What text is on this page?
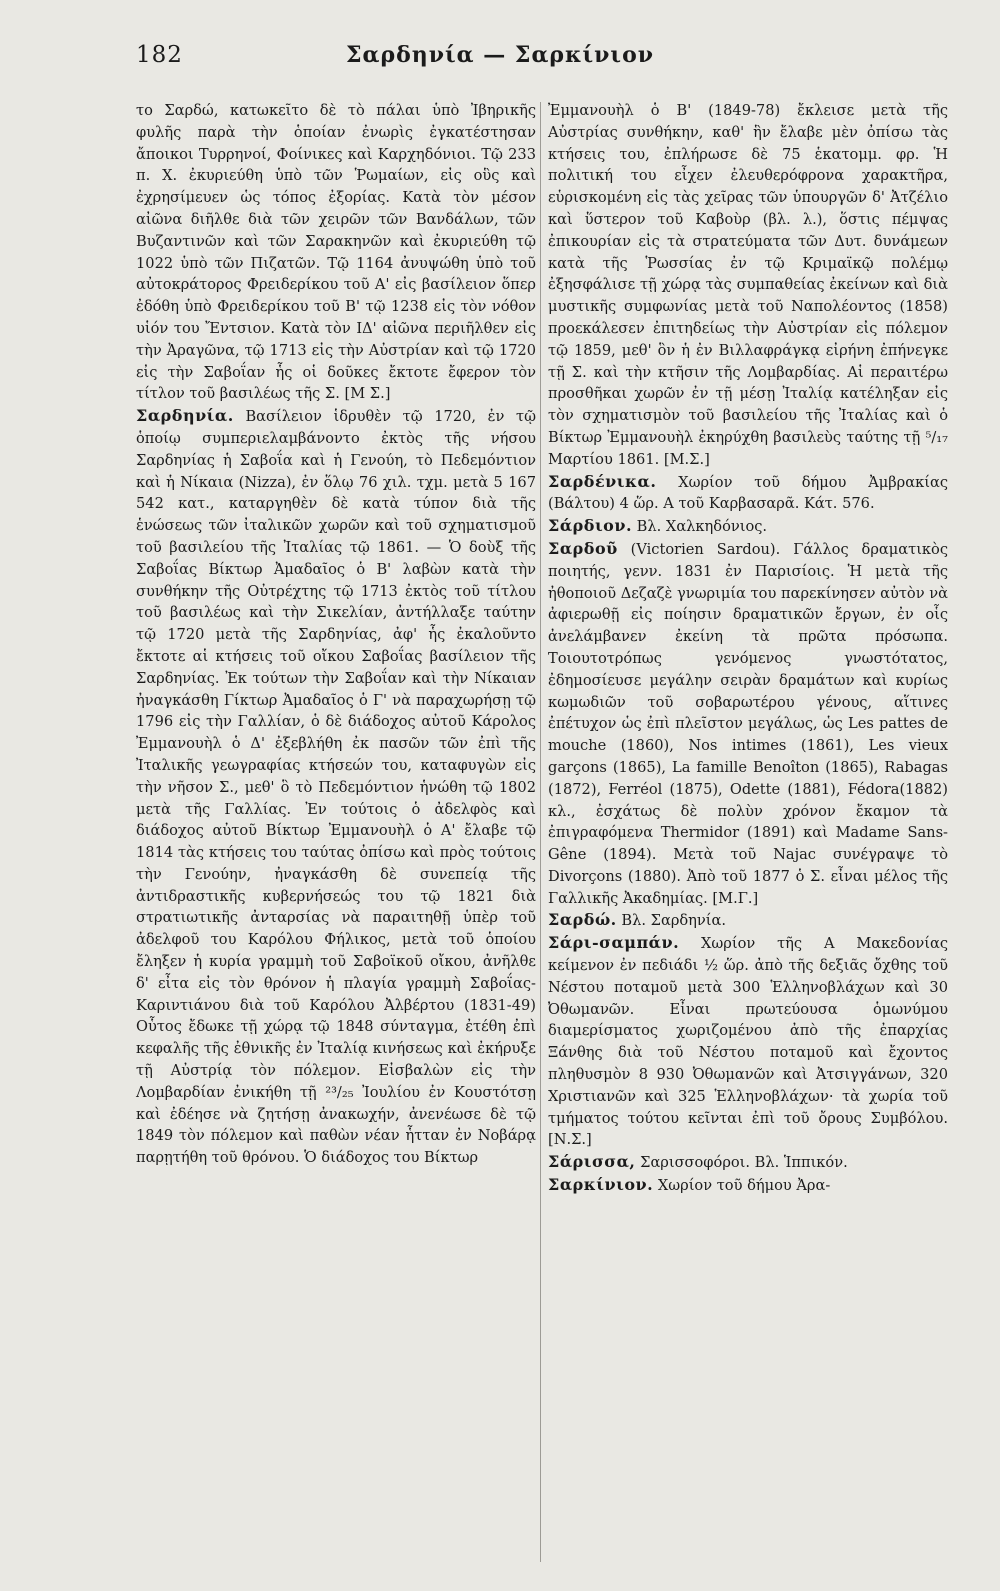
182	Σαρδηνία — Σαρκίνιον

το Σαρδώ, κατωκεῖτο δὲ τὸ πάλαι ὑπὸ Ἰβηρικῆς φυλῆς παρὰ τὴν ὁποίαν ἐνωρὶς ἐγκατέστησαν ἄποικοι Τυρρηνοί, Φοίνικες καὶ Καρχηδόνιοι. Τῷ 233 π. Χ. ἐκυριεύθη ὑπὸ τῶν Ῥωμαίων, εἰς οὓς καὶ ἐχρησίμευεν ὡς τόπος ἐξορίας. Κατὰ τὸν μέσον αἰῶνα διῆλθε διὰ τῶν χειρῶν τῶν Βανδάλων, τῶν Βυζαντινῶν καὶ τῶν Σαρακηνῶν καὶ ἐκυριεύθη τῷ 1022 ὑπὸ τῶν Πιζατῶν. Τῷ 1164 ἀνυψώθη ὑπὸ τοῦ αὐτοκράτορος Φρειδερίκου τοῦ Α' εἰς βασίλειον ὅπερ ἐδόθη ὑπὸ Φρειδερίκου τοῦ Β' τῷ 1238 εἰς τὸν νόθον υἱόν του Ἔντσιον. Κατὰ τὸν ΙΔ' αἰῶνα περιῆλθεν εἰς τὴν Ἀραγῶνα, τῷ 1713 εἰς τὴν Αὐστρίαν καὶ τῷ 1720 εἰς τὴν Σαβοΐαν ἧς οἱ δοῦκες ἔκτοτε ἔφερον τὸν τίτλον τοῦ βασιλέως τῆς Σ. [Μ Σ.]

Σαρδηνία. Βασίλειον ἱδρυθὲν τῷ 1720, ἐν τῷ ὁποίῳ συμπεριελαμβάνοντο ἐκτὸς τῆς νήσου Σαρδηνίας ἡ Σαβοΐα καὶ ἡ Γενούη, τὸ Πεδεμόντιον καὶ ἡ Νίκαια (Nizza), ἐν ὅλῳ 76 χιλ. τχμ. μετὰ 5 167 542 κατ., καταργηθὲν δὲ κατὰ τύπον διὰ τῆς ἑνώσεως τῶν ἰταλικῶν χωρῶν καὶ τοῦ σχηματισμοῦ τοῦ βασιλείου τῆς Ἰταλίας τῷ 1861. — Ὁ δοὺξ τῆς Σαβοΐας Βίκτωρ Ἀμαδαῖος ὁ Β' λαβὼν κατὰ τὴν συνθήκην τῆς Οὐτρέχτης τῷ 1713 ἐκτὸς τοῦ τίτλου τοῦ βασιλέως καὶ τὴν Σικελίαν, ἀντήλλαξε ταύτην τῷ 1720 μετὰ τῆς Σαρδηνίας, ἀφ' ἧς ἐκαλοῦντο ἔκτοτε αἱ κτήσεις τοῦ οἴκου Σαβοΐας βασίλειον τῆς Σαρδηνίας. Ἐκ τούτων τὴν Σαβοΐαν καὶ τὴν Νίκαιαν ἠναγκάσθη Γίκτωρ Ἀμαδαῖος ὁ Γ' νὰ παραχωρήσῃ τῷ 1796 εἰς τὴν Γαλλίαν, ὁ δὲ διάδοχος αὐτοῦ Κάρολος Ἐμμανουὴλ ὁ Δ' ἐξεβλήθη ἐκ πασῶν τῶν ἐπὶ τῆς Ἰταλικῆς γεωγραφίας κτήσεών του, καταφυγὼν εἰς τὴν νῆσον Σ., μεθ' ὃ τὸ Πεδεμόντιον ἡνώθη τῷ 1802 μετὰ τῆς Γαλλίας. Ἐν τούτοις ὁ ἀδελφὸς καὶ διάδοχος αὐτοῦ Βίκτωρ Ἐμμανουὴλ ὁ Α' ἔλαβε τῷ 1814 τὰς κτήσεις του ταύτας ὀπίσω καὶ πρὸς τούτοις τὴν Γενούην, ἠναγκάσθη δὲ συνεπείᾳ τῆς ἀντιδραστικῆς κυβερνήσεώς του τῷ 1821 διὰ στρατιωτικῆς ἀνταρσίας νὰ παραιτηθῇ ὑπὲρ τοῦ ἀδελφοῦ του Καρόλου Φήλικος, μετὰ τοῦ ὁποίου ἔληξεν ἡ κυρία γραμμὴ τοῦ Σαβοϊκοῦ οἴκου, ἀνῆλθε δ' εἶτα εἰς τὸν θρόνον ἡ πλαγία γραμμὴ Σαβοΐας-Καριντιάνου διὰ τοῦ Καρόλου Ἀλβέρτου (1831-49) Οὗτος ἔδωκε τῇ χώρᾳ τῷ 1848 σύνταγμα, ἐτέθη ἐπὶ κεφαλῆς τῆς ἐθνικῆς ἐν Ἰταλίᾳ κινήσεως καὶ ἐκήρυξε τῇ Αὐστρίᾳ τὸν πόλεμον. Εἰσβαλὼν εἰς τὴν Λομβαρδίαν ἐνικήθη τῇ ²³/₂₅ Ἰουλίου ἐν Κουστότσῃ καὶ ἐδέησε νὰ ζητήσῃ ἀνακωχήν, ἀνενέωσε δὲ τῷ 1849 τὸν πόλεμον καὶ παθὼν νέαν ἧτταν ἐν Νοβάρᾳ παρῃτήθη τοῦ θρόνου. Ὁ διάδοχος του Βίκτωρ

Ἐμμανουὴλ ὁ Β' (1849-78) ἔκλεισε μετὰ τῆς Αὐστρίας συνθήκην, καθ' ἣν ἔλαβε μὲν ὀπίσω τὰς κτήσεις του, ἐπλήρωσε δὲ 75 ἑκατομμ. φρ. Ἡ πολιτική του εἶχεν ἐλευθερόφρονα χαρακτῆρα, εὑρισκομένη εἰς τὰς χεῖρας τῶν ὑπουργῶν δ' Ἀτζέλιο καὶ ὕστερον τοῦ Καβοὺρ (βλ. λ.), ὅστις πέμψας ἐπικουρίαν εἰς τὰ στρατεύματα τῶν Δυτ. δυνάμεων κατὰ τῆς Ῥωσσίας ἐν τῷ Κριμαϊκῷ πολέμῳ ἐξησφάλισε τῇ χώρᾳ τὰς συμπαθείας ἐκείνων καὶ διὰ μυστικῆς συμφωνίας μετὰ τοῦ Ναπολέοντος (1858) προεκάλεσεν ἐπιτηδείως τὴν Αὐστρίαν εἰς πόλεμον τῷ 1859, μεθ' ὃν ἡ ἐν Βιλλαφράγκᾳ εἰρήνη ἐπήνεγκε τῇ Σ. καὶ τὴν κτῆσιν τῆς Λομβαρδίας. Αἱ περαιτέρω προσθῆκαι χωρῶν ἐν τῇ μέσῃ Ἰταλίᾳ κατέληξαν εἰς τὸν σχηματισμὸν τοῦ βασιλείου τῆς Ἰταλίας καὶ ὁ Βίκτωρ Ἐμμανουὴλ ἐκηρύχθη βασιλεὺς ταύτης τῇ ⁵/₁₇ Μαρτίου 1861. [Μ.Σ.]

Σαρδένικα. Χωρίον τοῦ δήμου Ἀμβρακίας (Βάλτου) 4 ὥρ. Α τοῦ Καρβασαρᾶ. Κάτ. 576.

Σάρδιον. Βλ. Χαλκηδόνιος.

Σαρδοῦ (Victorien Sardou). Γάλλος δραματικὸς ποιητής, γενν. 1831 ἐν Παρισίοις. Ἡ μετὰ τῆς ἠθοποιοῦ Δεζαζὲ γνωριμία του παρεκίνησεν αὐτὸν νὰ ἀφιερωθῇ εἰς ποίησιν δραματικῶν ἔργων, ἐν οἷς ἀνελάμβανεν ἐκείνη τὰ πρῶτα πρόσωπα. Τοιουτοτρόπως γενόμενος γνωστότατος, ἐδημοσίευσε μεγάλην σειρὰν δραμάτων καὶ κυρίως κωμωδιῶν τοῦ σοβαρωτέρου γένους, αἵτινες ἐπέτυχον ὡς ἐπὶ πλεῖστον μεγάλως, ὡς Les pattes de mouche (1860), Nos intimes (1861), Les vieux garçons (1865), La famille Benoîton (1865), Rabagas (1872), Ferréol (1875), Odette (1881), Fédora(1882) κλ., ἐσχάτως δὲ πολὺν χρόνον ἔκαμον τὰ ἐπιγραφόμενα Thermidor (1891) καὶ Madame Sans-Gêne (1894). Μετὰ τοῦ Νajac συνέγραψε τὸ Divorçons (1880). Ἀπὸ τοῦ 1877 ὁ Σ. εἶναι μέλος τῆς Γαλλικῆς Ἀκαδημίας. [Μ.Γ.]

Σαρδώ. Βλ. Σαρδηνία.

Σάρι-σαμπάν. Χωρίον τῆς Α Μακεδονίας κείμενον ἐν πεδιάδι ½ ὥρ. ἀπὸ τῆς δεξιᾶς ὄχθης τοῦ Νέστου ποταμοῦ μετὰ 300 Ἑλληνοβλάχων καὶ 30 Ὀθωμανῶν. Εἶναι πρωτεύουσα ὁμωνύμου διαμερίσματος χωριζομένου ἀπὸ τῆς ἐπαρχίας Ξάνθης διὰ τοῦ Νέστου ποταμοῦ καὶ ἔχοντος πληθυσμὸν 8 930 Ὀθωμανῶν καὶ Ἀτσιγγάνων, 320 Χριστιανῶν καὶ 325 Ἑλληνοβλάχων· τὰ χωρία τοῦ τμήματος τούτου κεῖνται ἐπὶ τοῦ ὄρους Συμβόλου. [Ν.Σ.]

Σάρισσα, Σαρισσοφόροι. Βλ. Ἱππικόν.

Σαρκίνιον. Χωρίον τοῦ δήμου Ἀρα-
